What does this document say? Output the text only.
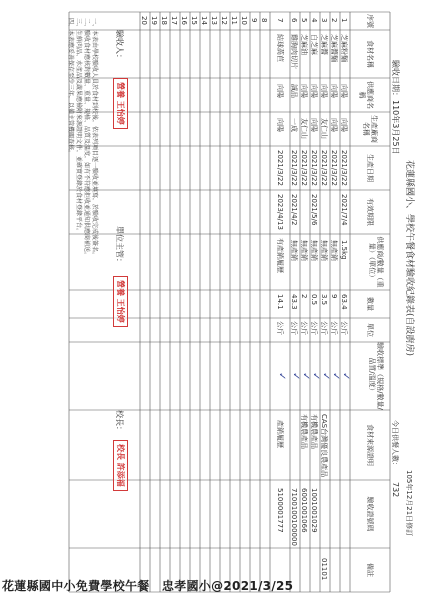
花蓮縣國小、學校午餐食材驗收紀錄表(自設廚房)
105年12月21日修訂
驗收日期：110年3月25日
今日供餐人數：
732
序號
食材名稱
供應商名稱
生產廠商名稱
生產日期
有效期限
供應商/數量（重量）（單位）
數量
單位
驗收標準（規格/數量/品質/溫度）
食材來源證明
驗收證號碼
備註
1
芝麻粉麵
向陽
向陽
2021/3/22
2021/7/4
1.5kg
63.4
公斤
✓
2
芝麻醬麵
向陽
向陽
2021/3/22
無產銷
9
公斤
✓
3
芝麻醬
向陽
友仁山
2021/3/22
無產銷
3.5
公斤
✓
CAS台灣優良農產品
4
白芝麻
向陽
向陽
2021/3/22
2021/5/6
無產銷
0.5
公斤
✓
有機農產品
1001001029
5
芝麻油
向陽
友仁山
2021/3/22
無產銷
2
公斤
✓
有機農產品
6001001066
6
雞胸肉切片
誠品
一成
2021/3/22
2021/4/2
無產銷
43.3
公斤
✓
7
結球萵苣
向陽
向陽
2021/3/22
2023/4/13
有產銷履歷
14.1
公斤
✓
產銷履歷
5100001777 7100100100000
01101
8
9
10
11
12
13
14
15
16
17
18
19
20
驗收人：
營養 王怡婷
單位主管：
營養 王怡婷
校長：
校長 許添福
一、本表由學校驗收人員於食材到校後，依表列項目逐一驗收並填寫，於驗收完成後簽名。
二、驗收食材應核對數量、重量、規格、品質及溫度，如有不符應拒收並通知供應商補送。
三、生鮮肉品、水產品及蔬果應檢附來源證明文件，並確實登錄於食材登錄平台。
四、本表應妥善保存至少三年，以備主管機關查核。
花蓮縣國中小免費學校午餐　忠孝國小@2021/3/25
